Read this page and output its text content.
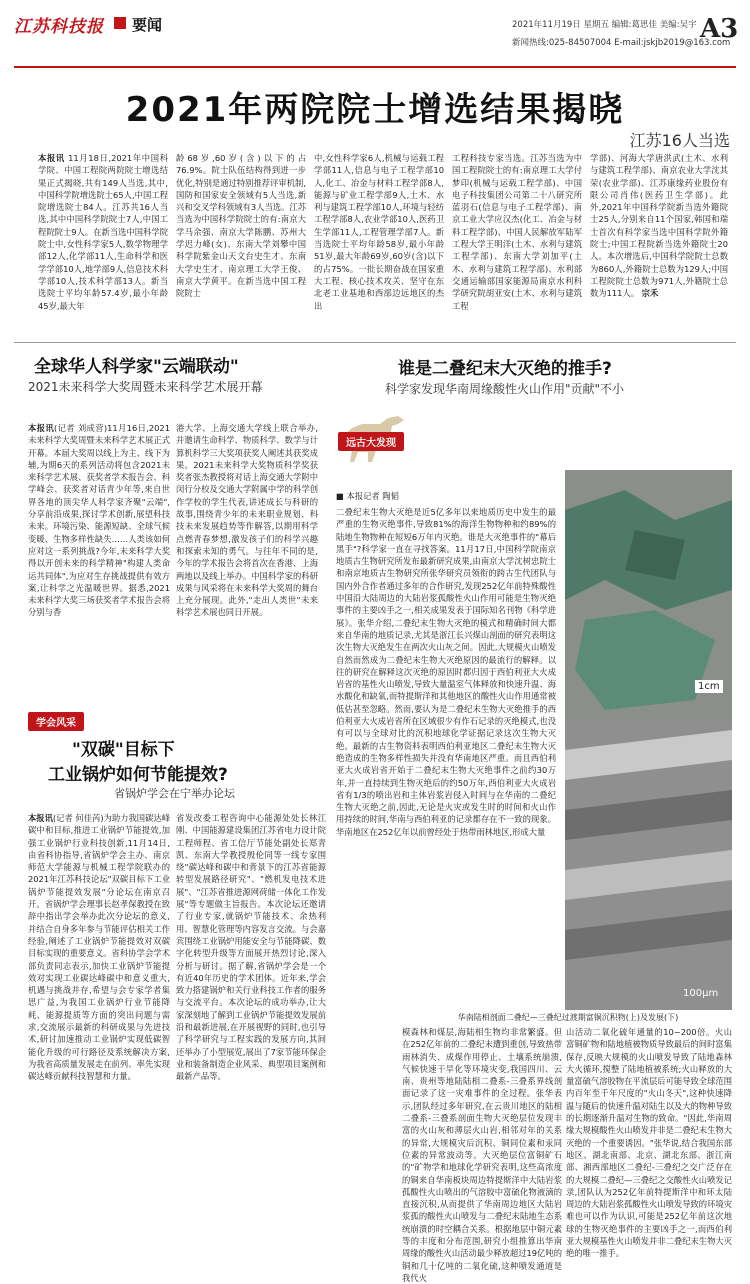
江苏科技报 要闻	2021年11月19日 星期五 编辑:葛思佳 美编:吴宇
新闻热线:025-84507004 E-mail:jskjb2019@163.com
A3
2021年两院院士增选结果揭晓
江苏16人当选
本报讯 11月18日,2021年中国科学院、中国工程院两院院士增选结果正式揭晓,共有149人当选,其中,中国科学院增选院士65人,中国工程院增选院士84人。江苏共16人当选,其中中国科学院院士7人,中国工程院院士9人。在新当选中国科学院院士中,女性科学家5人,数学物理学部12人,化学部11人,生命科学和医学学部10人,地学部9人,信息技术科学部10人,技术科学部13人。新当选院士平均年龄57.4岁,最小年龄45岁,最大年
龄68岁,60岁(含)以下的占76.9%。院士队伍结构得到进一步优化,特别是通过特别推荐评审机制,国防和国家安全领域有5人当选,新兴和交叉学科领域有3人当选。江苏当选为中国科学院院士的有:南京大学马余强、南京大学陈鹏、苏州大学迟力峰(女)、东南大学刘攀中国科学院紫金山天文台史生才、东南大学史生才、南京理工大学王俊、南京大学黄平。在新当选中国工程院院士
中,女性科学家6人,机械与运载工程学部11人,信息与电子工程学部10人,化工、冶金与材料工程学部8人,能源与矿业工程学部9人,土木、水利与建筑工程学部10人,环境与轻纺工程学部8人,农业学部10人,医药卫生学部11人,工程管理学部7人。新当选院士平均年龄58岁,最小年龄51岁,最大年龄69岁,60岁(含)以下的占75%。一批长期奋战在国家重大工程、核心技术攻关、坚守在东北老工业基地和西部边远地区的杰出
工程科技专家当选。江苏当选为中国工程院院士的有:南京理工大学付梦印(机械与运载工程学部)、中国电子科技集团公司第二十八研究所蓝羽石(信息与电子工程学部)、南京工业大学应汉杰(化工、冶金与材料工程学部)、中国人民解放军陆军工程大学王明洋(土木、水利与建筑工程学部)、东南大学刘加平(土木、水利与建筑工程学部)、水利部交通运输部国家能源局南京水利科学研究院胡亚安(土木、水利与建筑工程
学部)、河海大学唐洪武(土木、水利与建筑工程学部)、南京农业大学沈其荣(农业学部)、江苏康缘药业股份有限公司肖伟(医药卫生学部)。此外,2021年中国科学院新当选外籍院士25人,分别来自11个国家,韩国和瑞士首次有科学家当选中国科学院外籍院士;中国工程院新当选外籍院士20人。本次增选后,中国科学院院士总数为860人,外籍院士总数为129人;中国工程院院士总数为971人,外籍院士总数为111人。 宗禾
全球华人科学家"云端联动"
2021未来科学大奖周暨未来科学艺术展开幕
本报讯(记者 刘成营)11月16日,2021未来科学大奖周暨未来科学艺术展正式开幕。本届大奖周以线上为主、线下为辅,为期6天的系列活动将包含2021未来科学艺术展、获奖者学术报告会、科学峰会、获奖者对话青少年等,来自世界各地的顶尖华人科学家齐聚"云端",分享前沿成果,探讨学术创新,展望科技未来。环境污染、能源短缺、全球气候变暖、生物多样性缺失……人类该如何应对这一系列挑战?今年,未来科学大奖得以开创未来的科学精神"构建人类命运共同体",为应对生存挑战提供有效方案,让科学之光温暖世界。据悉,2021未来科学大奖三场获奖者学术报告会将分别与香
港大学、上海交通大学线上联合举办,并邀请生命科学、物质科学、数学与计算机科学三大奖项获奖人阐述其获奖成果。2021未来科学大奖物质科学奖获奖者张杰教授将对话上海交通大学附中闵行分校及交通大学附属中学的科学创作学校的学生代表,讲述成长与科研的故事,围绕青少年的未来职业规划、科技未来发展趋势等作解答,以期用科学点燃青春梦想,激发孩子们的科学兴趣和探索未知的勇气。与往年不同的是,今年的学术报告会将首次在香港、上海两地以及线上举办。中国科学家的科研成果与风采将在未来科学大奖周的舞台上充分展现。此外,"走出人类世"未来科学艺术展也同日开展。
谁是二叠纪末大灭绝的推手?
科学家发现华南周缘酸性火山作用"贡献"不小
远古大发现
■ 本报记者 陶韬
1cm
100μm
二叠纪末生物大灭绝是近5亿多年以来地质历史中发生的最严重的生物灭绝事件,导致81%的海洋生物物种和约89%的陆地生物物种在短短6万年内灭绝。谁是大灭绝事件的"幕后黑手"?科学家一直在寻找答案。11月17日,中国科学院南京地质古生物研究所发布最新研究成果,由南京大学沈树忠院士和南京地质古生物研究所张华研究员领衔的跨古生代团队与国内外合作者通过多年的合作研究,发现252亿年前特殊酸性中国沿大陆周边的大陆岩浆孤酸性火山作用可能是生物灭绝事件的主要凶手之一,相关成果发表于国际知名刊物《科学进展》。张华介绍,二叠纪末生物大灭绝的模式和精确时间大都来自华南的地质记录,尤其是浙江长兴煤山剖面的研究表明这次生物大灭绝发生在两次火山灰之间。因此,大规模火山喷发自然而然成为二叠纪末生物大灭绝原因的最流行的解释。以往的研究在解释这次灭绝的原因时都归因于西伯利亚大火成岩省的基性火山喷发,导致大量温室气体释放和快速升温、海水酸化和缺氧,而特提斯洋和其他地区的酸性火山作用通常被低估甚至忽略。然而,要认为是二叠纪末生物大灭绝推手的西伯利亚大火成岩省所在区域很少有作石记录的灭绝模式,也没有可以与全球对比的沉积地球化学证据记录这次生物大灭绝。最新的古生物资料表明西伯利亚地区二叠纪末生物大灭绝造成的生物多样性损失并没有华南地区严重。而且西伯利亚大火成岩省开始于二叠纪末生物大灭绝事件之前约30万年,并一直持续到生物灭绝后的约50万年,西伯利亚大火成岩省有1/3的喷出岩和主体岩浆岩侵入时间与在华南的二叠纪生物大灭绝之前,因此,无论是火灾或发生时的时间和火山作用持续的时间,华南与西伯利亚的记录都存在不一致的现象。华南地区在252亿年以前曾经处于热带雨林地区,形成大量
华南陆相剖面二叠纪—三叠纪过渡期富铜沉积物(上)及发展(下)
模森林和煤层,海陆相生物均非常繁盛。但在252亿年前的二叠纪末遭到重创,导致热带雨林消失、成煤作用停止、土壤系统崩溃,气候快速干旱化等环境灾变,我国四川、云南、贵州等地陆陆相二叠系-三叠系界线剖面记录了这一灾难事件的全过程。张华表示,团队经过多年研究,在云贵川地区的陆相二叠系-三叠系剖面生物大灭绝层位发现丰富的火山灰和薄层火山岩,相邻对年的关系的异常,大规模灾后沉积、铜同位素和汞同位素的异常波动等。大灭绝层位富铜矿石的"矿物学和地球化学研究表明,这些高浓度的铜来自华南板块周边特提斯洋中大陆岩浆孤酸性火山喷出的气溶胶中富硫化物液滴的直接沉积,从而提供了华南周边地区大陆岩浆孤的酸性火山喷发与二叠纪末陆地生态系统崩溃的时空耦合关系。根据地层中铜元素等的丰度和分布范围,研究小组推算出华南周缘的酸性火山活动最少释放超过19亿吨的铜和几十亿吨的二氧化硫,这种喷发通道是我代火
山活动二氧化硫年通量的10~200倍。火山富铜矿物和陆地植被物质导致最后的间时富集保存,反映大规模的火山喷发导致了陆地森林大火循环,搅整了陆地植被系统;火山释放的大量富硫气溶胶物在平流层后可能导致全球范围内百年至千年尺度的"火山冬天",这种快速降温与随后的快速升温对陆生以及大的物种导致的长期逐渐升温对生物的致命。"因此,华南周缘大规模酸性火山喷发并非是二叠纪末生物大灭绝的一个重要诱因。"张华说,结合我国东部地区、湖北南部、北京、湖北东部、浙江南部、湘西部地区二叠纪-三叠纪之交广泛存在的大规模二叠纪—三叠纪之交酸性火山喷发记录,团队认为252亿年前特提斯洋中和环太陆周边的大陆岩浆孤酸性火山喷发导致的环境灾难也可以作为认识,可能是252亿年前这次地球的生物灭绝事件的主要凶手之一,而西伯利亚大规模基性火山喷发并非二叠纪末生物大灭绝的唯一推手。
学会风采
"双碳"目标下
工业锅炉如何节能提效?
省锅炉学会在宁举办论坛
本报讯(记者 何佳芮)为助力我国碳达峰碳中和目标,推进工业锅炉节能提效,加强工业锅炉行业科技创新,11月14日,由省科协指导,省锅炉学会主办、南京师范大学能源与机械工程学院联办的2021年江苏科技论坛"双碳目标下工业锅炉节能提效发展"分论坛在南京召开。省锅炉学会理事长赵孝保教授在致辞中指出学会举办此次分论坛的意义,并结合自身多年参与节能评估相关工作经验,阐述了工业锅炉节能提效对双碳目标实现的重要意义。省科协学会学术部负责同志表示,加快工业锅炉节能提效对实现工业碳达峰碳中和意义重大,机遇与挑战并存,希望与会专家学者集思广益,为我国工业锅炉行业节能降耗、能源提质等方面的突出问题与需求,交流展示最新的科研成果与先进技术,研讨加速推动工业锅炉实现低碳智能化升级的可行路径及系统解决方案,为我省高质量发展走在前列、率先实现碳达峰贡献科技智慧和力量。
省发改委工程咨询中心能源处处长林江刚、中国能源建设集团江苏省电力设计院工程师程、省工信厅节能处副处长郑青凯、东南大学教授殷伦同等一线专家围绕"碳达峰和碳中和背景下的江苏省能源转型发展路径研究"、"燃机发电技术进展"、"江苏省推进源网荷储一体化工作发展"等专题做主旨报告。本次论坛还邀请了行业专家,就锅炉节能技术、余热利用、智慧化管理等内容发言交流。与会嘉宾围绕工业锅炉用能安全与节能降碳、数字化转型升级等方面展开热烈讨论,深入分析与研讨。据了解,省锅炉学会是一个有近40年历史的学术团体。近年来,学会致力搭建锅炉和关行业科技工作者的服务与交流平台。本次论坛的成功举办,让大家深刻地了解到工业锅炉节能提效发展前沿和最新进展,在开展视野的同时,也引导了科学研究与工程实践的发展方向,其间还举办了小型展览,展出了7家节能环保企业和装备制造企业风采、典型项目案例和最新产品等。
